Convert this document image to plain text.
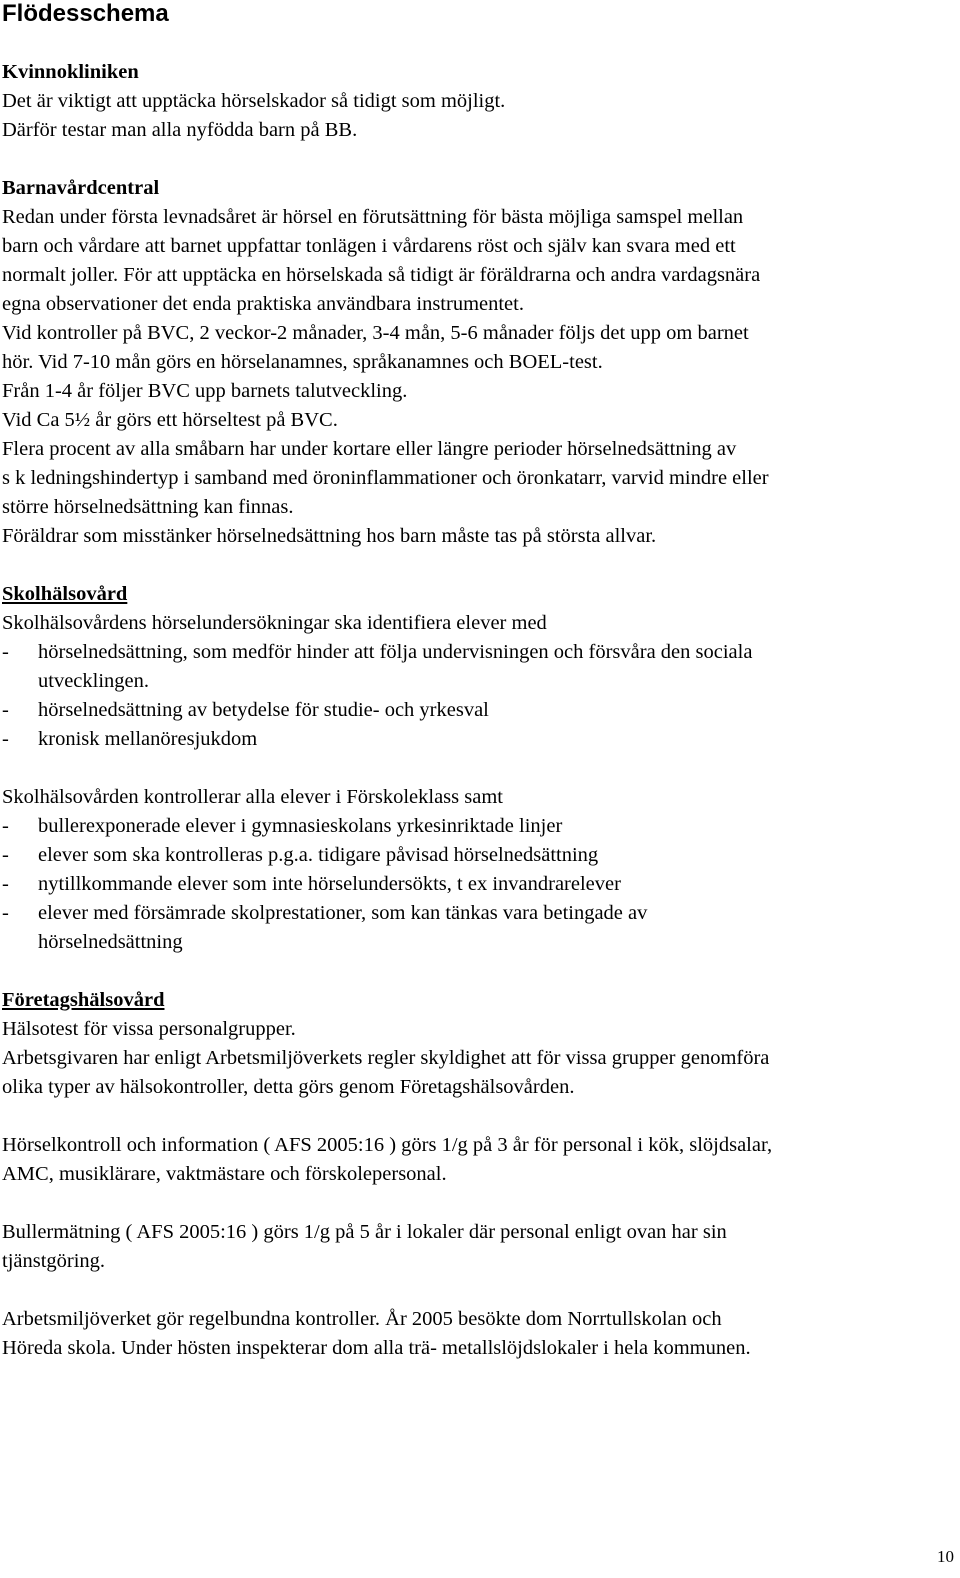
Flödesschema

Kvinnokliniken

Det är viktigt att upptäcka hörselskador så tidigt som möjligt.

Därför testar man alla nyfödda barn på BB.

Barnavårdcentral

Redan under första levnadsåret är hörsel en förutsättning för bästa möjliga samspel mellan

barn och vårdare att barnet uppfattar tonlägen i vårdarens röst och själv kan svara med ett

normalt joller. För att upptäcka en hörselskada så tidigt är föräldrarna och andra vardagsnära

egna observationer det enda praktiska användbara instrumentet.

Vid kontroller på BVC, 2 veckor-2 månader, 3-4 mån, 5-6 månader följs det upp om barnet

hör. Vid 7-10 mån görs en hörselanamnes, språkanamnes och BOEL-test.

Från 1-4 år följer BVC upp barnets talutveckling.

Vid Ca 5½ år görs ett hörseltest på BVC.

Flera procent av alla småbarn har under kortare eller längre perioder hörselnedsättning av

s k ledningshindertyp i samband med öroninflammationer och öronkatarr, varvid mindre eller

större hörselnedsättning kan finnas.

Föräldrar som misstänker hörselnedsättning hos barn måste tas på största allvar.

Skolhälsovård

Skolhälsovårdens hörselundersökningar ska identifiera elever med

-	hörselnedsättning, som medför hinder att följa undervisningen och försvåra den sociala
utvecklingen.
-	hörselnedsättning av betydelse för studie- och yrkesval
-	kronisk mellanöresjukdom

Skolhälsovården kontrollerar alla elever i Förskoleklass samt

-	bullerexponerade elever i gymnasieskolans yrkesinriktade linjer
-	elever som ska kontrolleras p.g.a. tidigare påvisad hörselnedsättning
-	nytillkommande elever som inte hörselundersökts, t ex invandrarelever
-	elever med försämrade skolprestationer, som kan tänkas vara betingade av
hörselnedsättning

Företagshälsovård

Hälsotest för vissa personalgrupper.

Arbetsgivaren har enligt Arbetsmiljöverkets regler skyldighet att för vissa grupper genomföra

olika typer av hälsokontroller, detta görs genom Företagshälsovården.

Hörselkontroll och information ( AFS 2005:16 ) görs 1/g på 3 år för personal i kök, slöjdsalar,

AMC, musiklärare, vaktmästare och förskolepersonal.

Bullermätning ( AFS 2005:16 ) görs 1/g på 5 år i lokaler där personal enligt ovan har sin

tjänstgöring.

Arbetsmiljöverket gör regelbundna kontroller. År 2005 besökte dom Norrtullskolan och

Höreda skola. Under hösten inspekterar dom alla trä- metallslöjdslokaler i hela kommunen.

10
